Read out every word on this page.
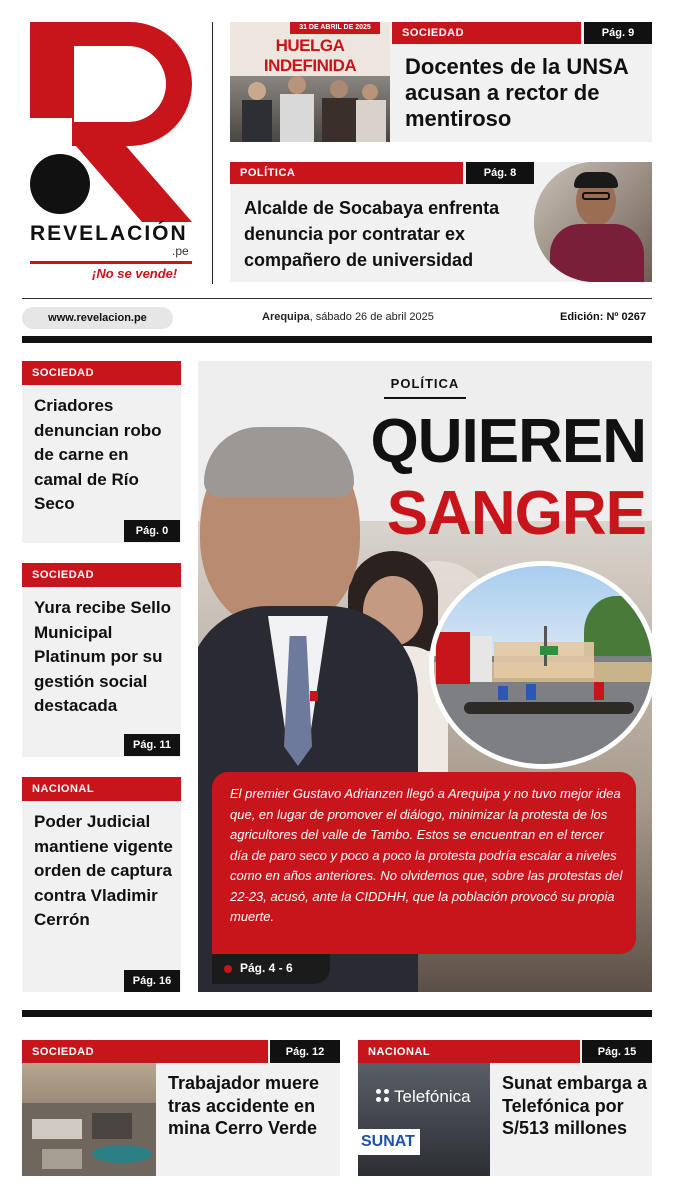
REVELACIÓN
.pe
¡No se vende!
31 DE ABRIL DE 2025
HUELGA INDEFINIDA
SOCIEDAD	Pág. 9
Docentes de la UNSA acusan a rector de mentiroso
POLÍTICA	Pág. 8
Alcalde de Socabaya enfrenta denuncia por contratar ex compañero de universidad
www.revelacion.pe	Arequipa, sábado 26 de abril 2025	Edición: Nº 0267
SOCIEDAD
Criadores denuncian robo de carne en camal de Río Seco
Pág. 0
SOCIEDAD
Yura recibe Sello Municipal Platinum por su gestión social destacada
Pág. 11
NACIONAL
Poder Judicial mantiene vigente orden de captura contra Vladimir Cerrón
Pág. 16
POLÍTICA
QUIEREN
SANGRE
El premier Gustavo Adrianzen llegó a Arequipa y no tuvo mejor idea que, en lugar de promover el diálogo, minimizar la protesta de los agricultores del valle de Tambo. Estos se encuentran en el tercer día de paro seco y poco a poco la protesta podría escalar a niveles como en años anteriores. No olvidemos que, sobre las protestas del 22-23, acusó, ante la CIDDHH, que la población provocó su propia muerte.
Pág. 4 - 6
SOCIEDAD	Pág. 12
Trabajador muere tras accidente en mina Cerro Verde
NACIONAL	Pág. 15
Telefónica
SUNAT
Sunat embarga a Telefónica por S/513 millones
